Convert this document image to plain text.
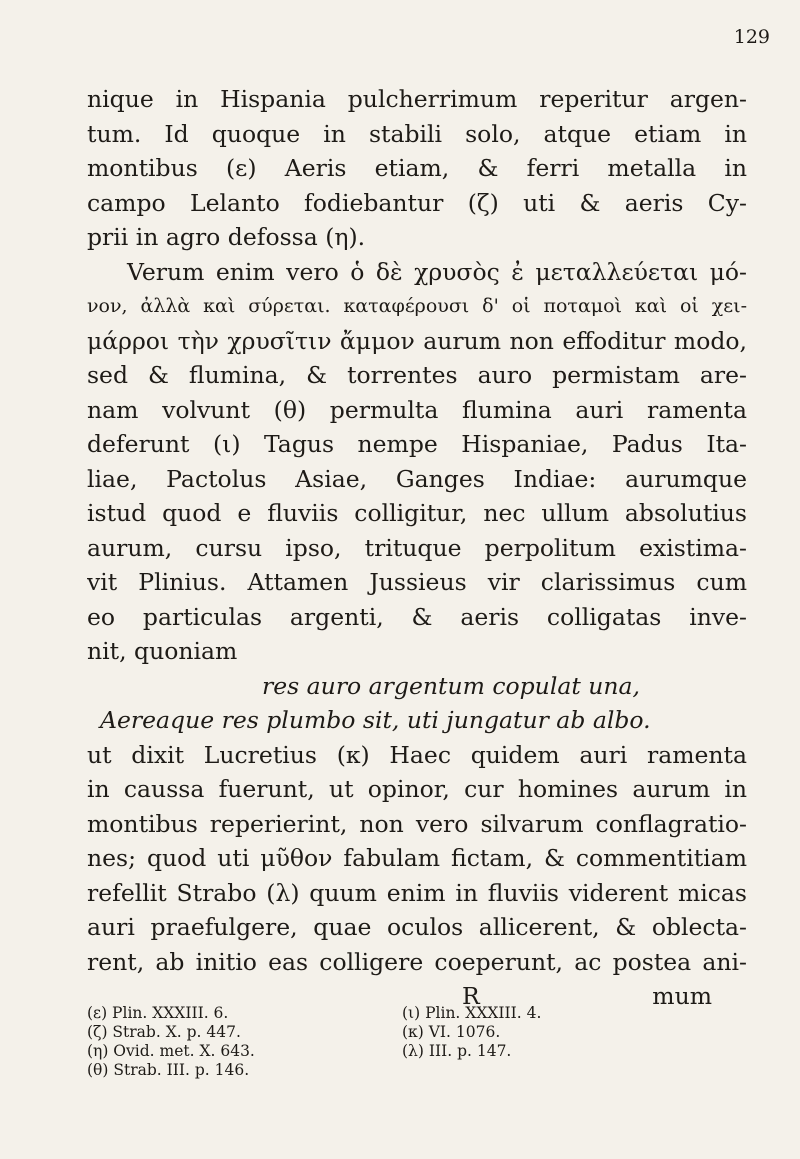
129
nique in Hispania pulcherrimum reperitur argen-
tum. Id quoque in stabili solo, atque etiam in
montibus (ε) Aeris etiam, & ferri metalla in
campo Lelanto fodiebantur (ζ) uti & aeris Cy-
prii in agro defossa (η).
Verum enim vero ὁ δὲ χρυσὸς ἐ μεταλλεύεται μό-
νον, ἀλλὰ καὶ σύρεται. καταφέρουσι δ' οἱ ποταμοὶ καὶ οἱ χει-
μάρροι τὴν χρυσῖτιν ἄμμον aurum non effoditur modo,
sed & flumina, & torrentes auro permistam are-
nam volvunt (θ) permulta flumina auri ramenta
deferunt (ι) Tagus nempe Hispaniae, Padus Ita-
liae, Pactolus Asiae, Ganges Indiae: aurumque
istud quod e fluviis colligitur, nec ullum absolutius
aurum, cursu ipso, trituque perpolitum existima-
vit Plinius. Attamen Jussieus vir clarissimus cum
eo particulas argenti, & aeris colligatas inve-
nit, quoniam
res auro argentum copulat una,
Aereaque res plumbo sit, uti jungatur ab albo.
ut dixit Lucretius (κ) Haec quidem auri ramenta
in caussa fuerunt, ut opinor, cur homines aurum in
montibus reperierint, non vero silvarum conflagratio-
nes; quod uti μῦθον fabulam fictam, & commentitiam
refellit Strabo (λ) quum enim in fluviis viderent micas
auri praefulgere, quae oculos allicerent, & oblecta-
rent, ab initio eas colligere coeperunt, ac postea ani-
R	mum
(ε) Plin. XXXIII. 6.
(ζ) Strab. X. p. 447.
(η) Ovid. met. X. 643.
(θ) Strab. III. p. 146.
(ι) Plin. XXXIII. 4.
(κ) VI. 1076.
(λ) III. p. 147.
